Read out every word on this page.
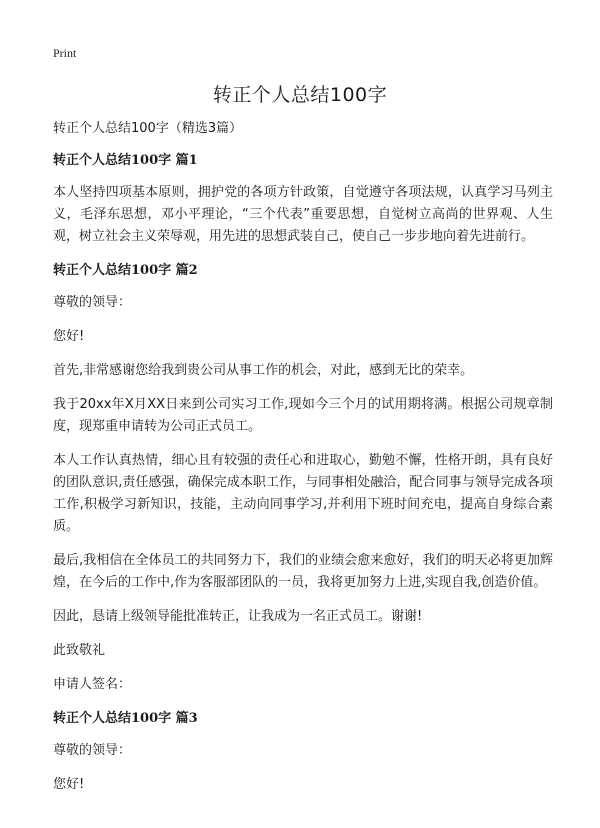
Print
转正个人总结100字

转正个人总结100字（精选3篇）

转正个人总结100字 篇1

本人坚持四项基本原则，拥护党的各项方针政策，自觉遵守各项法规，认真学习马列主义，毛泽东思想，邓小平理论，“三个代表”重要思想，自觉树立高尚的世界观、人生观，树立社会主义荣辱观，用先进的思想武装自己，使自己一步步地向着先进前行。

转正个人总结100字 篇2

尊敬的领导：

您好!

首先,非常感谢您给我到贵公司从事工作的机会，对此，感到无比的荣幸。

我于20xx年X月XX日来到公司实习工作,现如今三个月的试用期将满。根据公司规章制度，现郑重申请转为公司正式员工。

本人工作认真热情，细心且有较强的责任心和进取心，勤勉不懈，性格开朗，具有良好的团队意识,责任感强，确保完成本职工作，与同事相处融洽，配合同事与领导完成各项工作,积极学习新知识，技能，主动向同事学习,并利用下班时间充电，提高自身综合素质。

最后,我相信在全体员工的共同努力下，我们的业绩会愈来愈好，我们的明天必将更加辉煌，在今后的工作中,作为客服部团队的一员，我将更加努力上进,实现自我,创造价值。

因此，恳请上级领导能批准转正，让我成为一名正式员工。谢谢!

此致敬礼

申请人签名：

转正个人总结100字 篇3

尊敬的领导：

您好!
